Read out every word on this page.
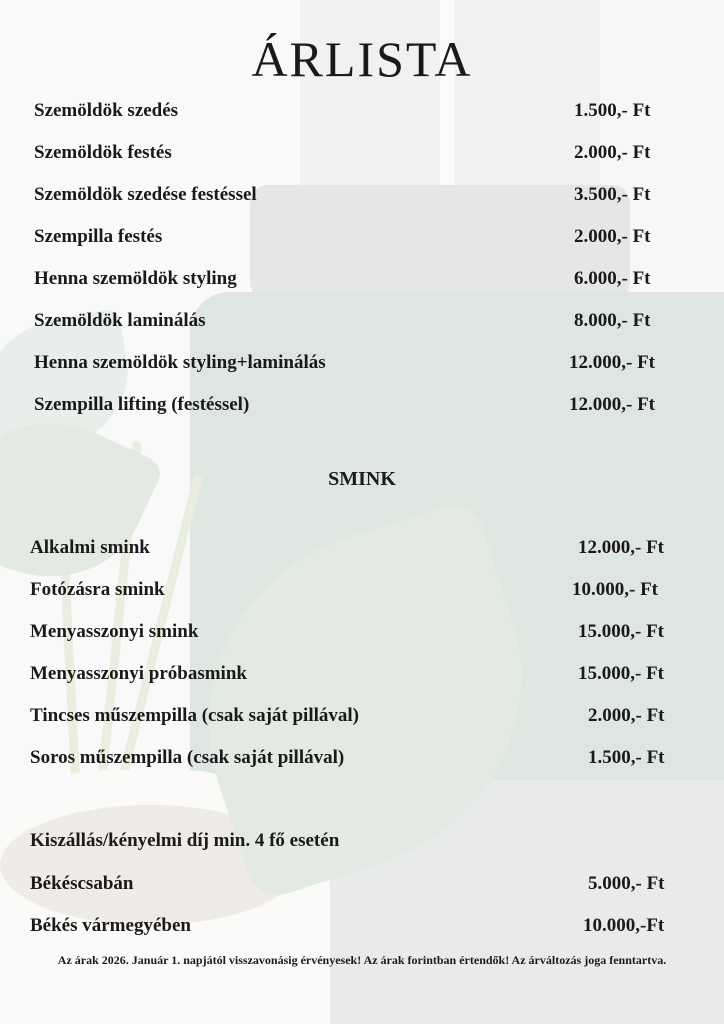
ÁRLISTA
Szemöldök szedés	1.500,- Ft
Szemöldök festés	2.000,- Ft
Szemöldök szedése festéssel	3.500,- Ft
Szempilla festés	2.000,- Ft
Henna szemöldök styling	6.000,- Ft
Szemöldök laminálás	8.000,- Ft
Henna szemöldök styling+laminálás	12.000,- Ft
Szempilla lifting (festéssel)	12.000,- Ft
SMINK
Alkalmi smink	12.000,- Ft
Fotózásra smink	10.000,- Ft
Menyasszonyi smink	15.000,- Ft
Menyasszonyi próbasmink	15.000,- Ft
Tincses műszempilla (csak saját pillával)	2.000,- Ft
Soros műszempilla (csak saját pillával)	1.500,- Ft
Kiszállás/kényelmi díj min. 4 fő esetén
Békéscsabán	5.000,- Ft
Békés vármegyében	10.000,-Ft
Az árak 2026. Január 1. napjától visszavonásig érvényesek! Az árak forintban értendők! Az árváltozás joga fenntartva.
